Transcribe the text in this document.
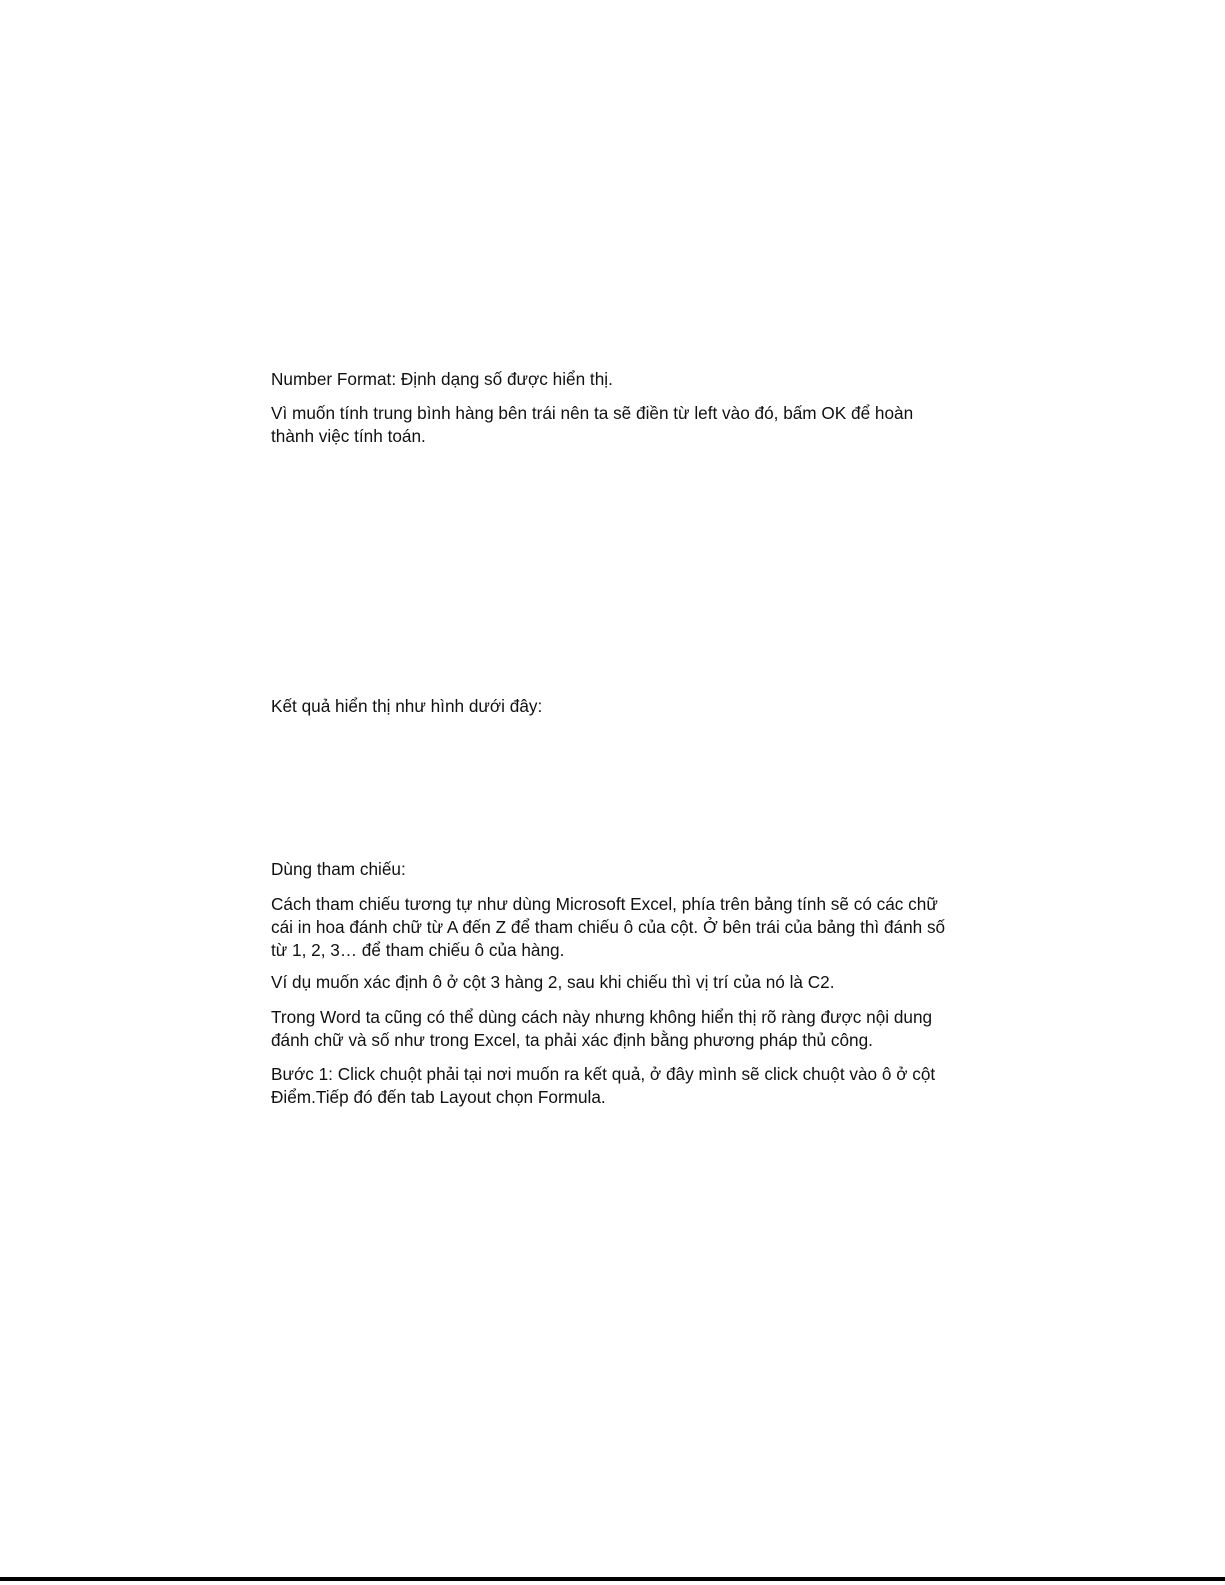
Number Format: Định dạng số được hiển thị.

Vì muốn tính trung bình hàng bên trái nên ta sẽ điền từ left vào đó, bấm OK để hoàn thành việc tính toán.

Kết quả hiển thị như hình dưới đây:

Dùng tham chiếu:

Cách tham chiếu tương tự như dùng Microsoft Excel, phía trên bảng tính sẽ có các chữ cái in hoa đánh chữ từ A đến Z để tham chiếu ô của cột. Ở bên trái của bảng thì đánh số từ 1, 2, 3… để tham chiếu ô của hàng.

Ví dụ muốn xác định ô ở cột 3 hàng 2, sau khi chiếu thì vị trí của nó là C2.

Trong Word ta cũng có thể dùng cách này nhưng không hiển thị rõ ràng được nội dung đánh chữ và số như trong Excel, ta phải xác định bằng phương pháp thủ công.

Bước 1: Click chuột phải tại nơi muốn ra kết quả, ở đây mình sẽ click chuột vào ô ở cột Điểm.Tiếp đó đến tab Layout chọn Formula.
